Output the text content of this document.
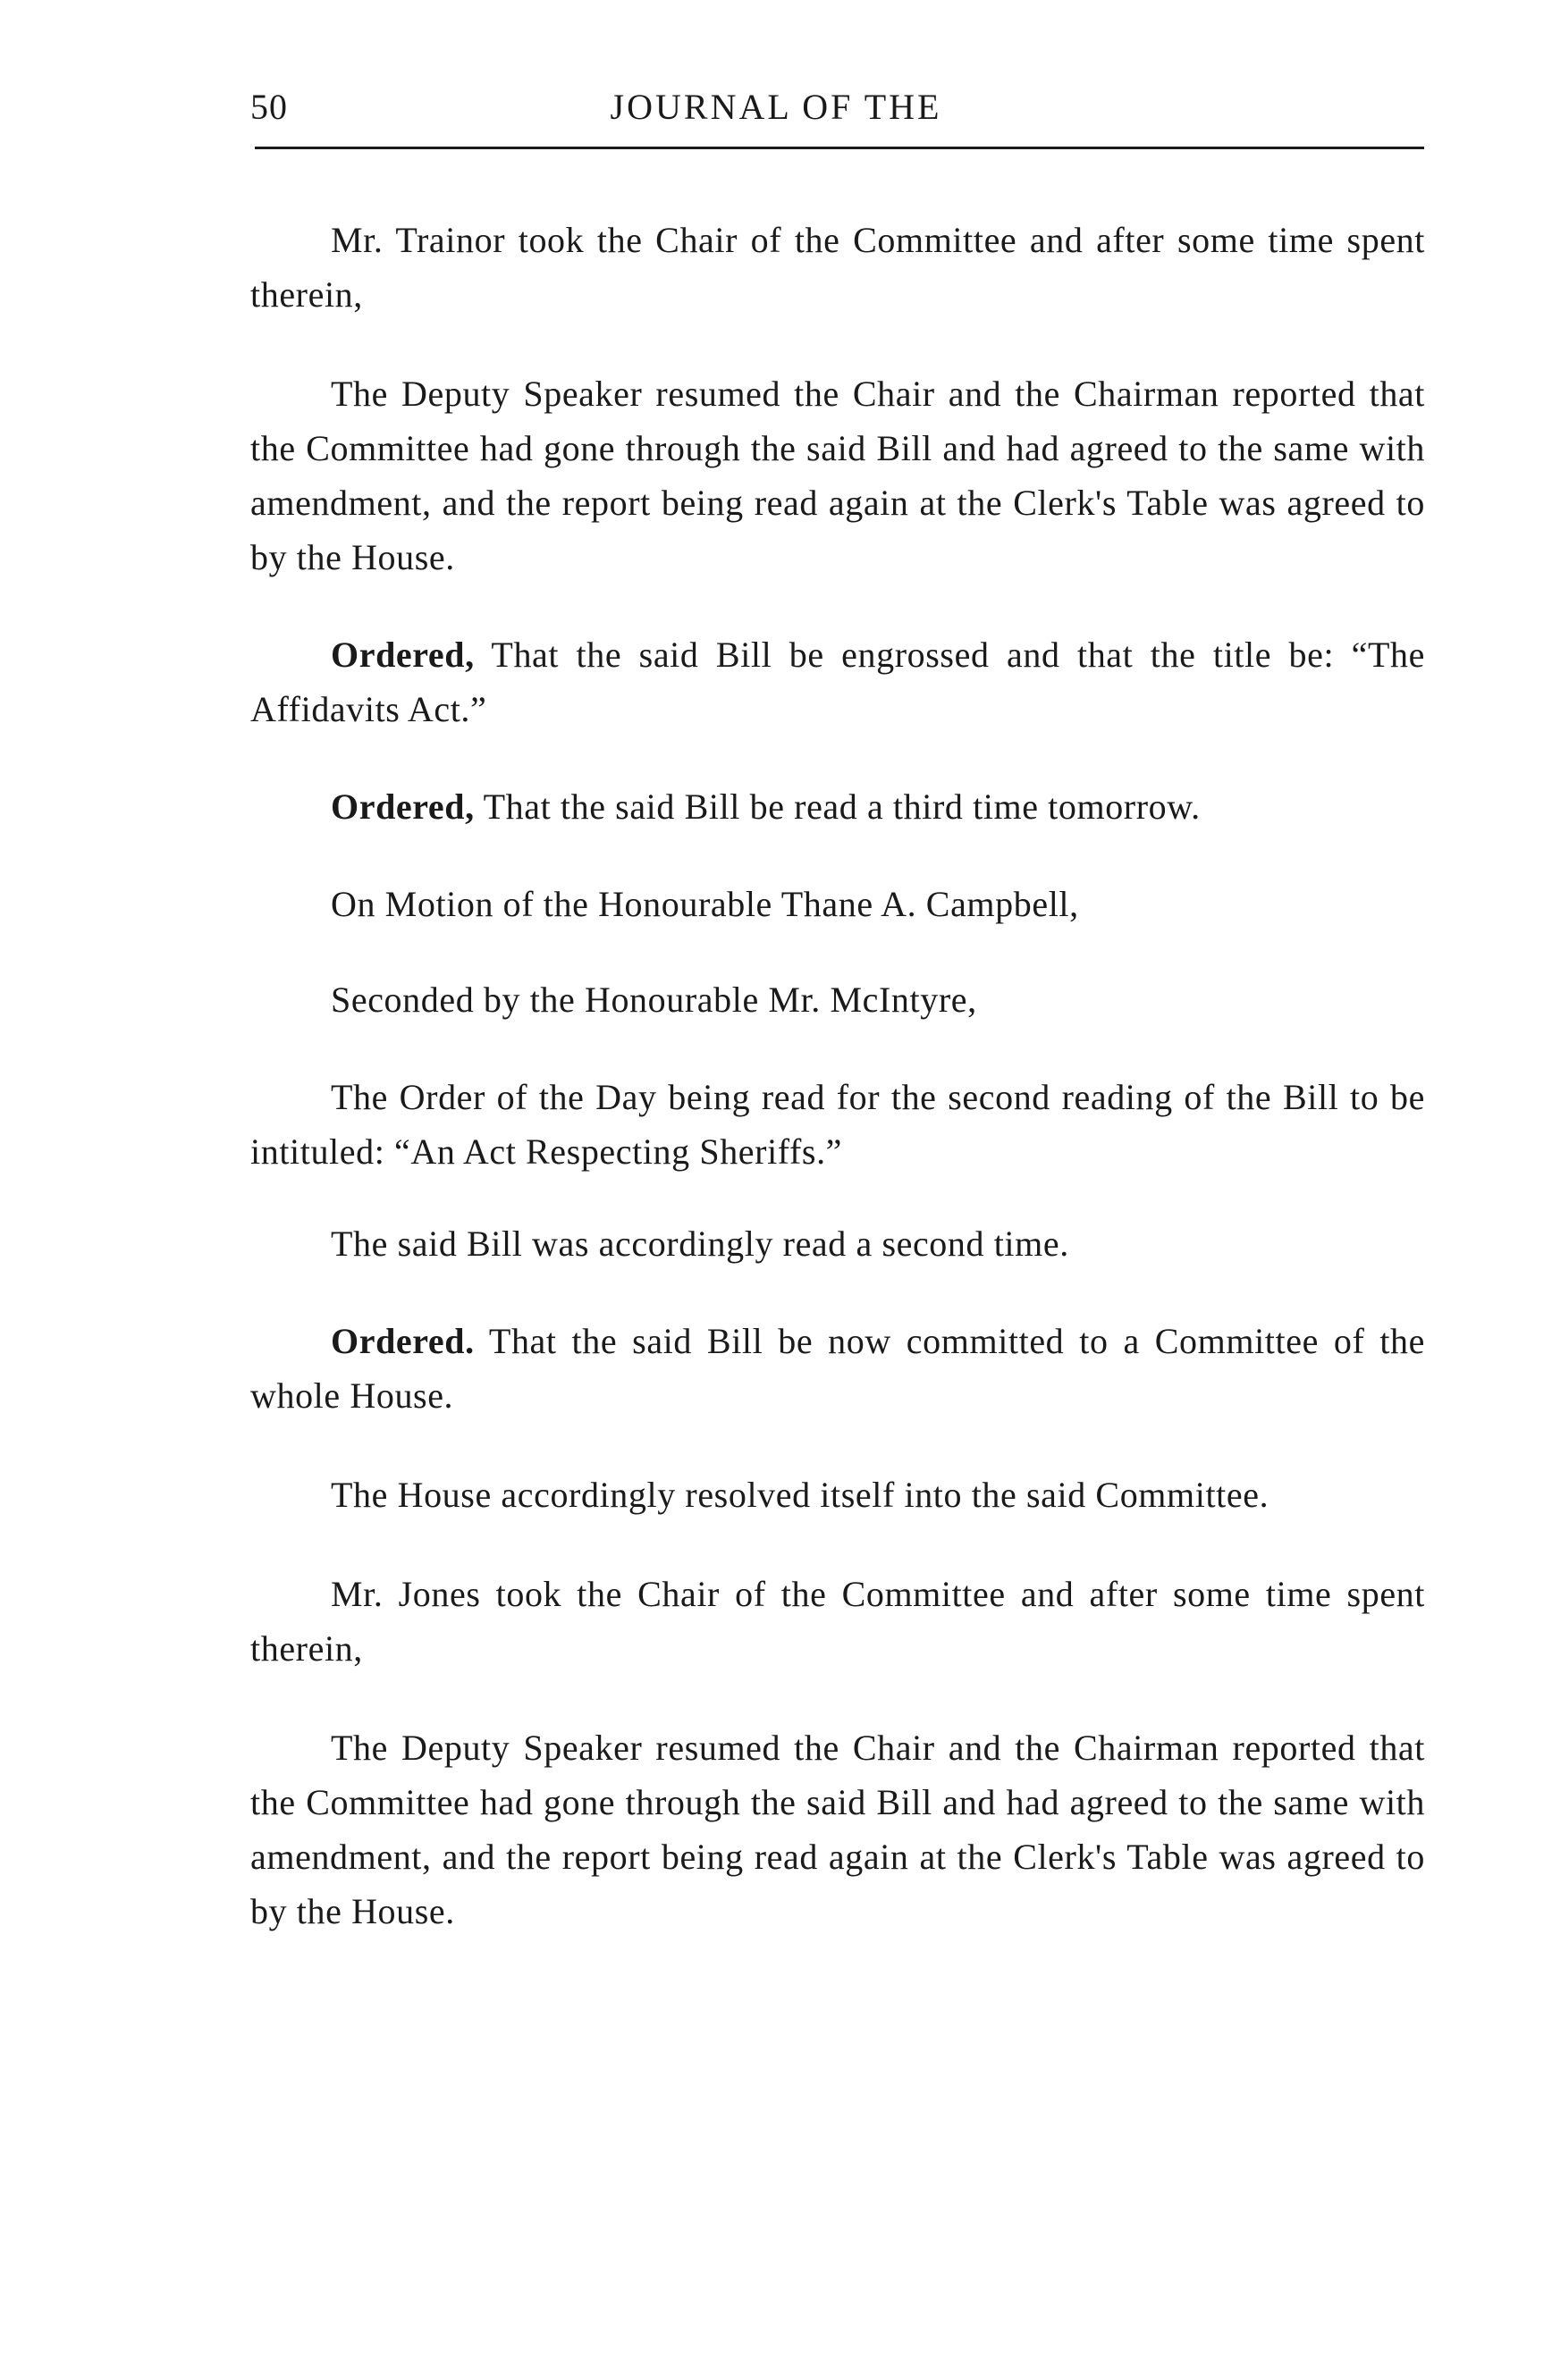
50	JOURNAL OF THE

Mr. Trainor took the Chair of the Committee and after some time spent therein,

The Deputy Speaker resumed the Chair and the Chairman reported that the Committee had gone through the said Bill and had agreed to the same with amendment, and the report being read again at the Clerk's Table was agreed to by the House.

Ordered, That the said Bill be engrossed and that the title be: “The Affidavits Act.”

Ordered, That the said Bill be read a third time tomorrow.

On Motion of the Honourable Thane A. Campbell,

Seconded by the Honourable Mr. McIntyre,

The Order of the Day being read for the second reading of the Bill to be intituled: “An Act Respecting Sheriffs.”

The said Bill was accordingly read a second time.

Ordered. That the said Bill be now committed to a Committee of the whole House.

The House accordingly resolved itself into the said Committee.

Mr. Jones took the Chair of the Committee and after some time spent therein,

The Deputy Speaker resumed the Chair and the Chairman reported that the Committee had gone through the said Bill and had agreed to the same with amendment, and the report being read again at the Clerk's Table was agreed to by the House.
